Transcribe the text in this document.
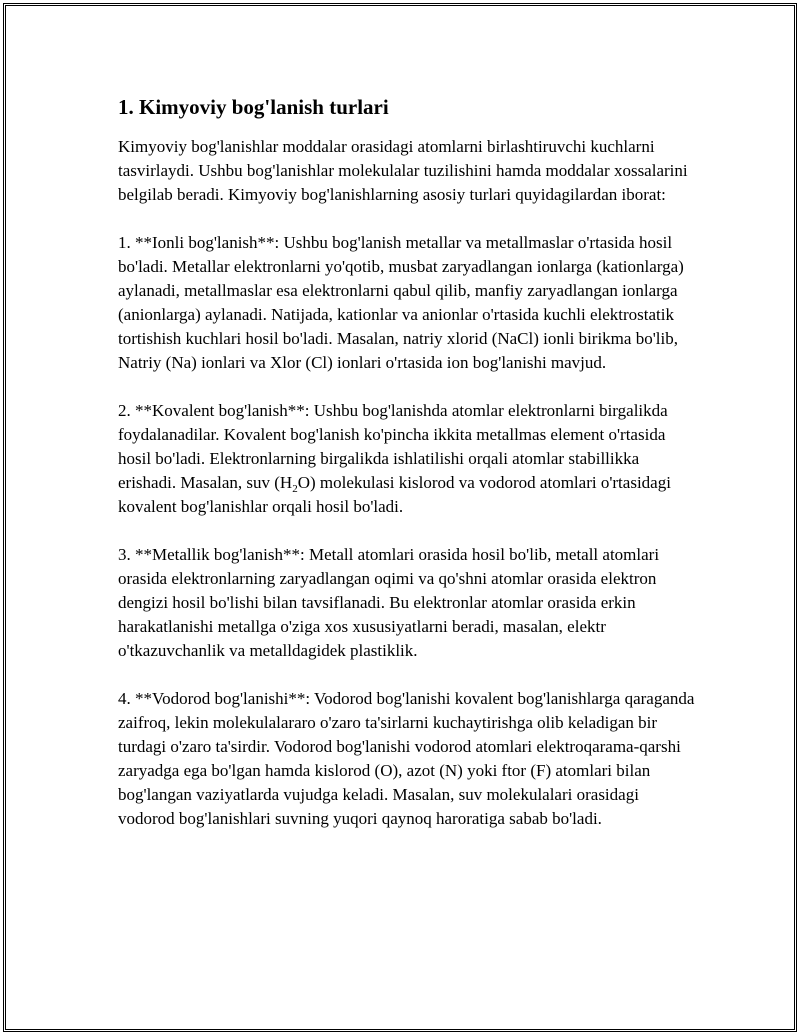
1. Kimyoviy bog'lanish turlari

Kimyoviy bog'lanishlar moddalar orasidagi atomlarni birlashtiruvchi kuchlarni tasvirlaydi. Ushbu bog'lanishlar molekulalar tuzilishini hamda moddalar xossalarini belgilab beradi. Kimyoviy bog'lanishlarning asosiy turlari quyidagilardan iborat:

1. **Ionli bog'lanish**: Ushbu bog'lanish metallar va metallmaslar o'rtasida hosil bo'ladi. Metallar elektronlarni yo'qotib, musbat zaryadlangan ionlarga (kationlarga) aylanadi, metallmaslar esa elektronlarni qabul qilib, manfiy zaryadlangan ionlarga (anionlarga) aylanadi. Natijada, kationlar va anionlar o'rtasida kuchli elektrostatik tortishish kuchlari hosil bo'ladi. Masalan, natriy xlorid (NaCl) ionli birikma bo'lib, Natriy (Na) ionlari va Xlor (Cl) ionlari o'rtasida ion bog'lanishi mavjud.

2. **Kovalent bog'lanish**: Ushbu bog'lanishda atomlar elektronlarni birgalikda foydalanadilar. Kovalent bog'lanish ko'pincha ikkita metallmas element o'rtasida hosil bo'ladi. Elektronlarning birgalikda ishlatilishi orqali atomlar stabillikka erishadi. Masalan, suv $(H_2O)$ molekulasi kislorod va vodorod atomlari o'rtasidagi kovalent bog'lanishlar orqali hosil bo'ladi.

3. **Metallik bog'lanish**: Metall atomlari orasida hosil bo'lib, metall atomlari orasida elektronlarning zaryadlangan oqimi va qo'shni atomlar orasida elektron dengizi hosil bo'lishi bilan tavsiflanadi. Bu elektronlar atomlar orasida erkin harakatlanishi metallga o'ziga xos xususiyatlarni beradi, masalan, elektr o'tkazuvchanlik va metalldagidek plastiklik.

4. **Vodorod bog'lanishi**: Vodorod bog'lanishi kovalent bog'lanishlarga qaraganda zaifroq, lekin molekulalararo o'zaro ta'sirlarni kuchaytirishga olib keladigan bir turdagi o'zaro ta'sirdir. Vodorod bog'lanishi vodorod atomlari elektroqarama-qarshi zaryadga ega bo'lgan hamda kislorod (O), azot (N) yoki ftor (F) atomlari bilan bog'langan vaziyatlarda vujudga keladi. Masalan, suv molekulalari orasidagi vodorod bog'lanishlari suvning yuqori qaynoq haroratiga sabab bo'ladi.
